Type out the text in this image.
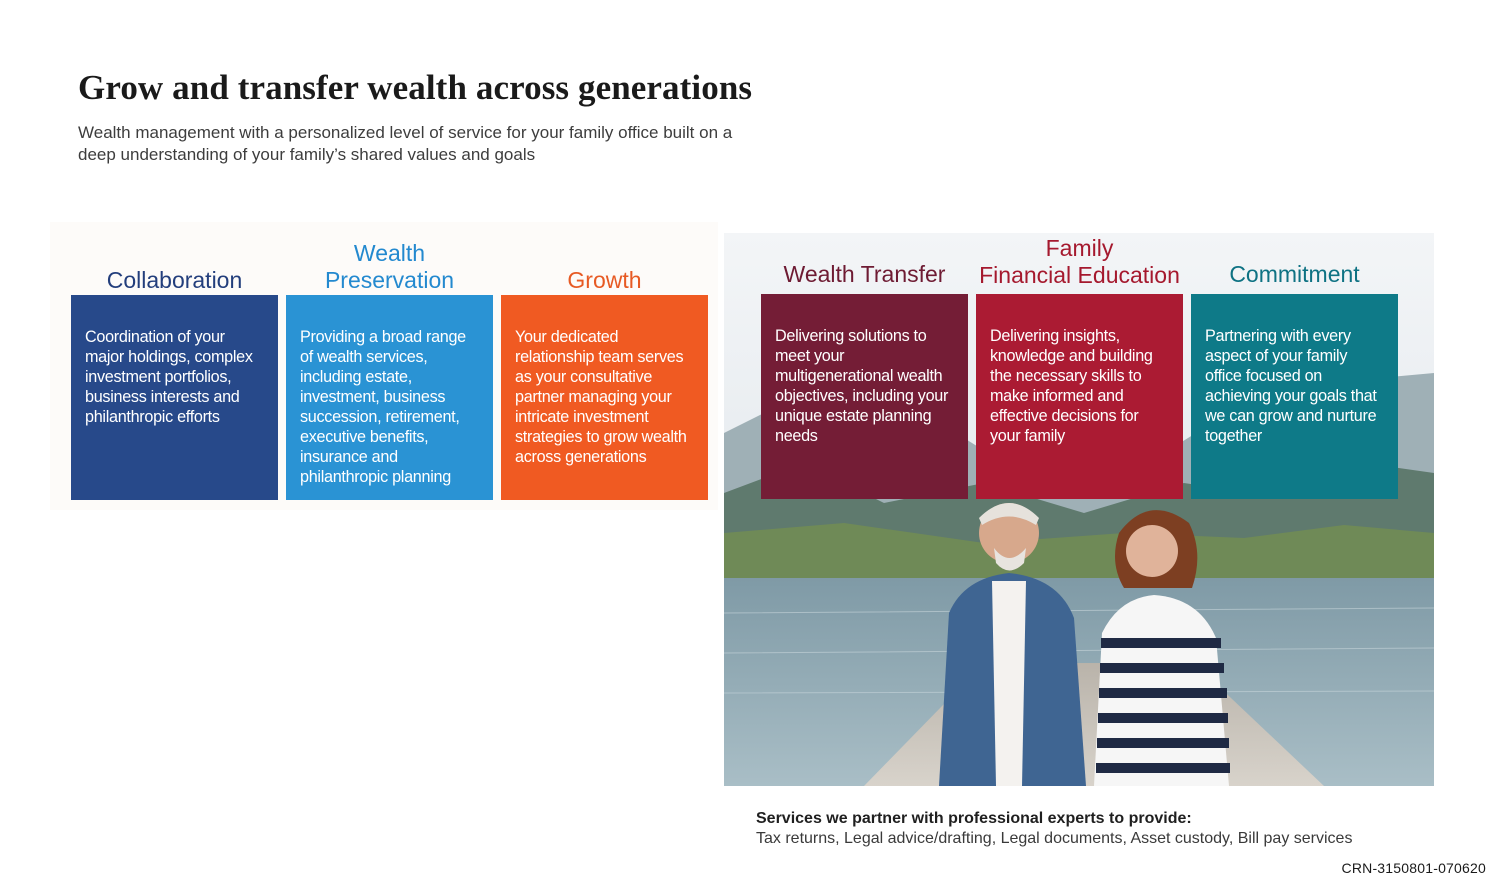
Grow and transfer wealth across generations

Wealth management with a personalized level of service for your family office built on a deep understanding of your family’s shared values and goals

Collaboration
Coordination of your major holdings, complex investment portfolios, business interests and philanthropic efforts
Wealth
Preservation
Providing a broad range of wealth services, including estate, investment, business succession, retirement, executive benefits, insurance and philanthropic planning
Growth
Your dedicated relationship team serves as your consultative partner managing your intricate investment strategies to grow wealth across generations
Wealth Transfer
Delivering solutions to meet your multigenerational wealth objectives, including your unique estate planning needs
Family
Financial Education
Delivering insights, knowledge and building the necessary skills to make informed and effective decisions for your family
Commitment
Partnering with every aspect of your family office focused on achieving your goals that we can grow and nurture together
Services we partner with professional experts to provide:
Tax returns, Legal advice/drafting, Legal documents, Asset custody, Bill pay services
CRN-3150801-070620
